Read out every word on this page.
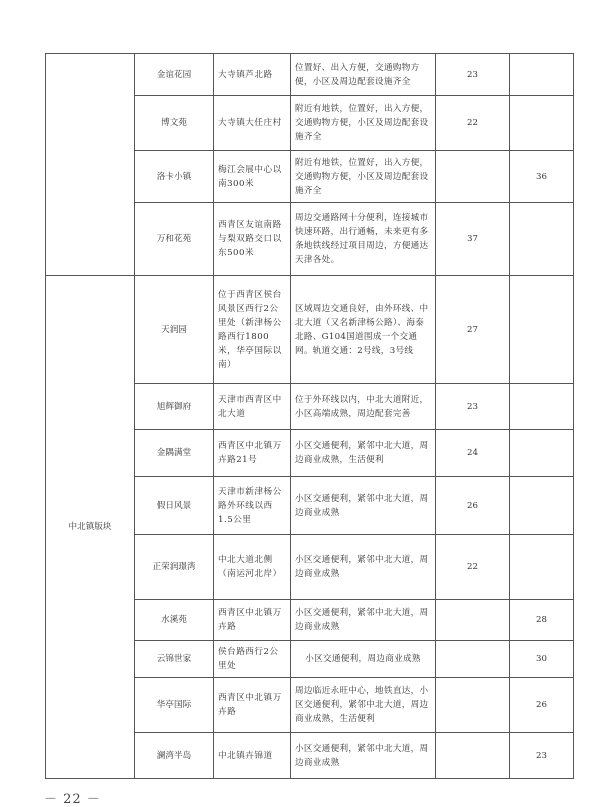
	金谊花园	大寺镇芦北路	位置好、出入方便，交通购物方便，小区及周边配套设施齐全	23	
	博文苑	大寺镇大任庄村	附近有地铁，位置好，出入方便，交通购物方便，小区及周边配套设施齐全	22	
	洛卡小镇	梅江会展中心以南300米	附近有地铁，位置好，出入方便，交通购物方便，小区及周边配套设施齐全		36
	万和花苑	西青区友谊南路与梨双路交口以东500米	周边交通路网十分便利，连接城市快速环路，出行通畅，未来更有多条地铁线经过项目周边，方便通达天津各处。	37	
中北镇版块	天润园	位于西青区侯台风景区西行2公里处（新津杨公路西行1800米，华亭国际以南）	区域周边交通良好，由外环线、中北大道（又名新津杨公路）、海泰北路、G104国道围成一个交通网。轨道交通：2号线，3号线	27	
	旭辉御府	天津市西青区中北大道	位于外环线以内，中北大道附近，小区高端成熟，周边配套完善	23	
	金隅满堂	西青区中北镇万卉路21号	小区交通便利，紧邻中北大道，周边商业成熟，生活便利	24	
	假日风景	天津市新津杨公路外环线以西1.5公里	小区交通便利，紧邻中北大道，周边商业成熟	26	
	正荣润璟湾	中北大道北侧（南运河北岸）	小区交通便利，紧邻中北大道，周边商业成熟	22	
	水溪苑	西青区中北镇万卉路	小区交通便利，紧邻中北大道，周边商业成熟		28
	云锦世家	侯台路西行2公里处	小区交通便利，周边商业成熟		30
	华亭国际	西青区中北镇万卉路	周边临近永旺中心，地铁直达，小区交通便利，紧邻中北大道，周边商业成熟，生活便利		26
	澜湾半岛	中北镇卉锦道	小区交通便利，紧邻中北大道，周边商业成熟		23
－ 22 －
